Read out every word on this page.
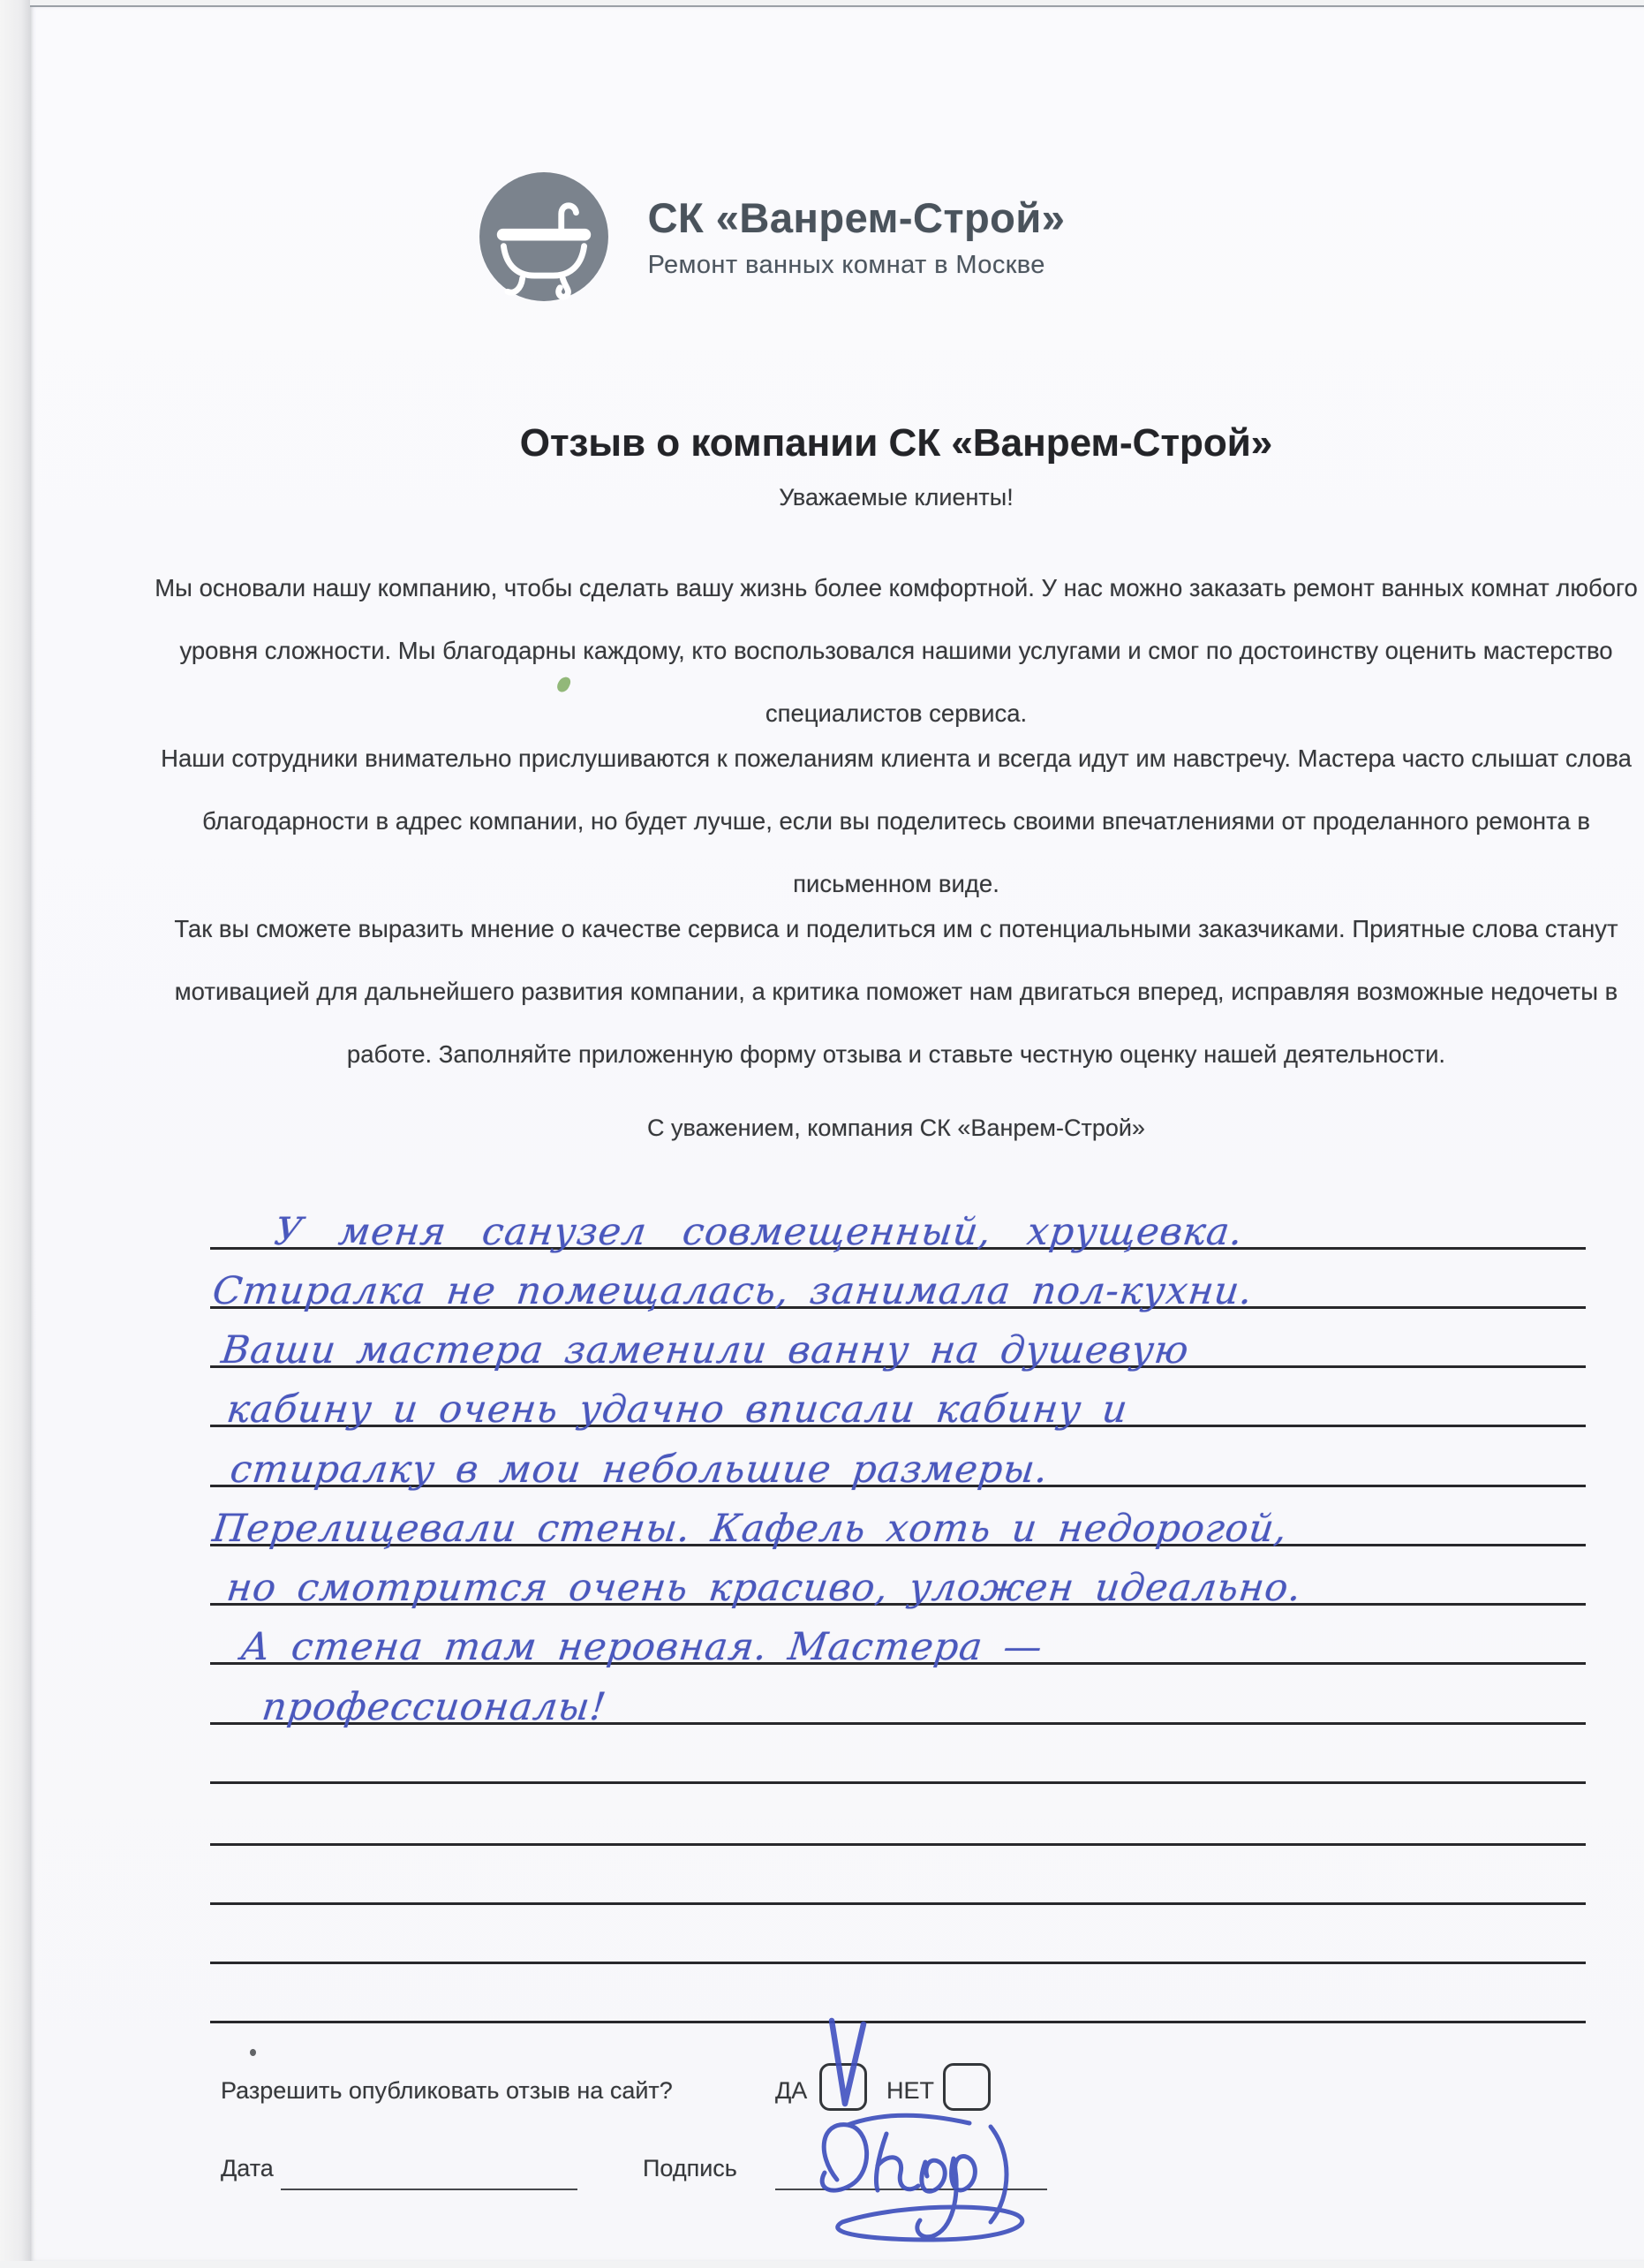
СК «Ванрем-Строй»
Ремонт ванных комнат в Москве
Отзыв о компании СК «Ванрем-Строй»
Уважаемые клиенты!

Мы основали нашу компанию, чтобы сделать вашу жизнь более комфортной. У нас можно заказать ремонт ванных комнат любого уровня сложности. Мы благодарны каждому, кто воспользовался нашими услугами и смог по достоинству оценить мастерство специалистов сервиса.

Наши сотрудники внимательно прислушиваются к пожеланиям клиента и всегда идут им навстречу. Мастера часто слышат слова благодарности в адрес компании, но будет лучше, если вы поделитесь своими впечатлениями от проделанного ремонта в письменном виде.

Так вы сможете выразить мнение о качестве сервиса и поделиться им с потенциальными заказчиками. Приятные слова станут мотивацией для дальнейшего развития компании, а критика поможет нам двигаться вперед, исправляя возможные недочеты в работе. Заполняйте приложенную форму отзыва и ставьте честную оценку нашей деятельности.

С уважением, компания СК «Ванрем-Строй»
У меня санузел совмещенный, хрущевка.
Стиралка не помещалась, занимала пол-кухни.
Ваши мастера заменили ванну на душевую
кабину и очень удачно вписали кабину и
стиралку в мои небольшие размеры.
Перелицевали стены. Кафель хоть и недорогой,
но смотрится очень красиво, уложен идеально.
А стена там неровная. Мастера —
профессионалы!
Разрешить опубликовать отзыв на сайт?	ДА	НЕТ
Дата	Подпись
